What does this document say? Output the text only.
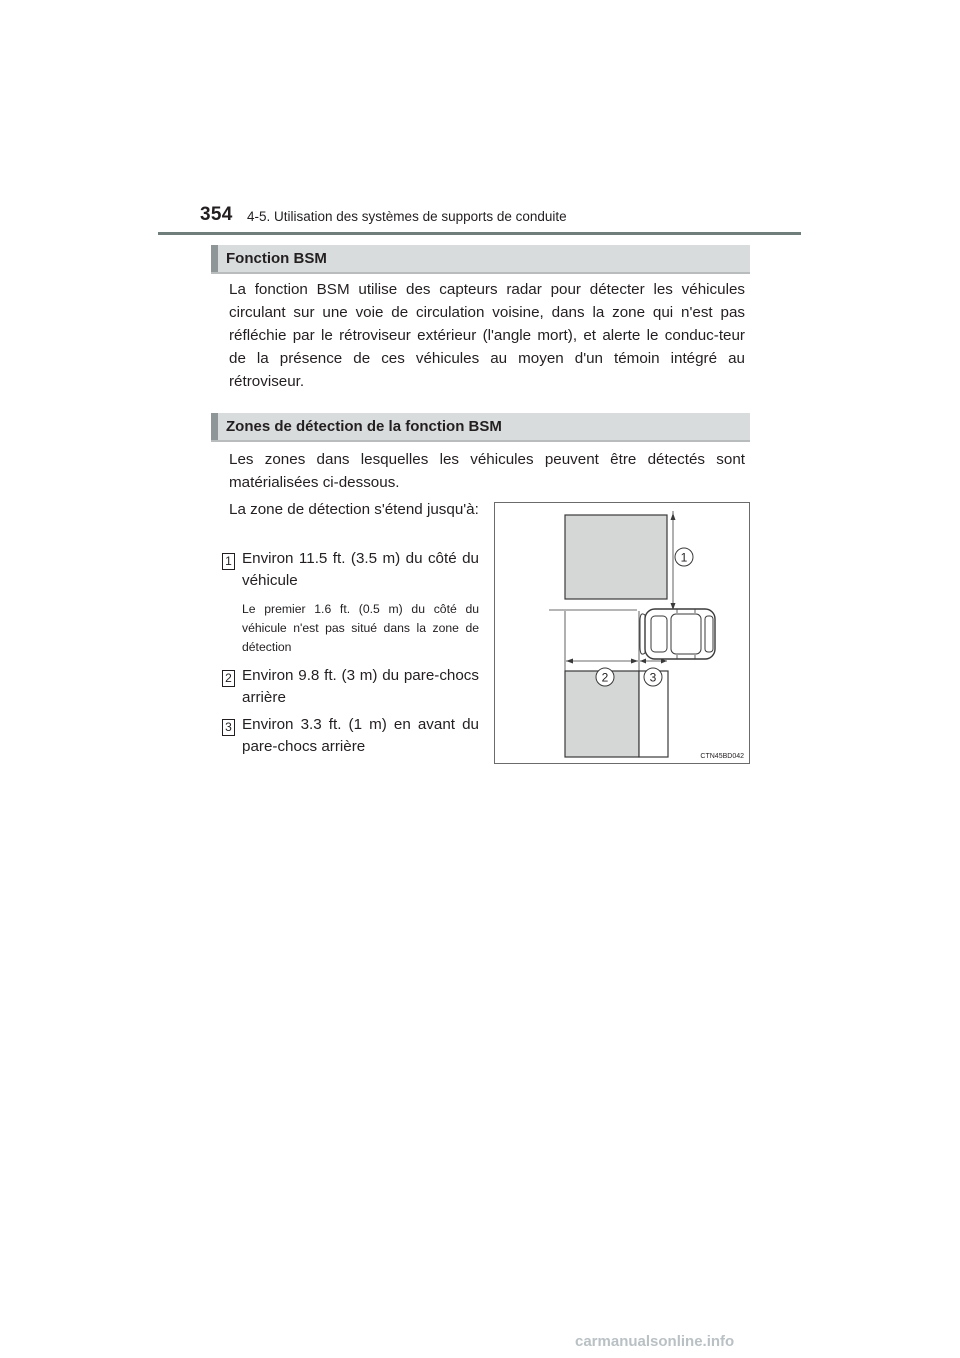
354 4-5. Utilisation des systèmes de supports de conduite
Fonction BSM
La fonction BSM utilise des capteurs radar pour détecter les véhicules circulant sur une voie de circulation voisine, dans la zone qui n'est pas réfléchie par le rétroviseur extérieur (l'angle mort), et alerte le conduc-teur de la présence de ces véhicules au moyen d'un témoin intégré au rétroviseur.
Zones de détection de la fonction BSM
Les zones dans lesquelles les véhicules peuvent être détectés sont matérialisées ci-dessous.
La zone de détection s'étend jusqu'à:
1 Environ 11.5 ft. (3.5 m) du côté du véhicule
Le premier 1.6 ft. (0.5 m) du côté du véhicule n'est pas situé dans la zone de détection
2 Environ 9.8 ft. (3 m) du pare-chocs arrière
3 Environ 3.3 ft. (1 m) en avant du pare-chocs arrière
1
2	3
CTN45BD042
carmanualsonline.info
